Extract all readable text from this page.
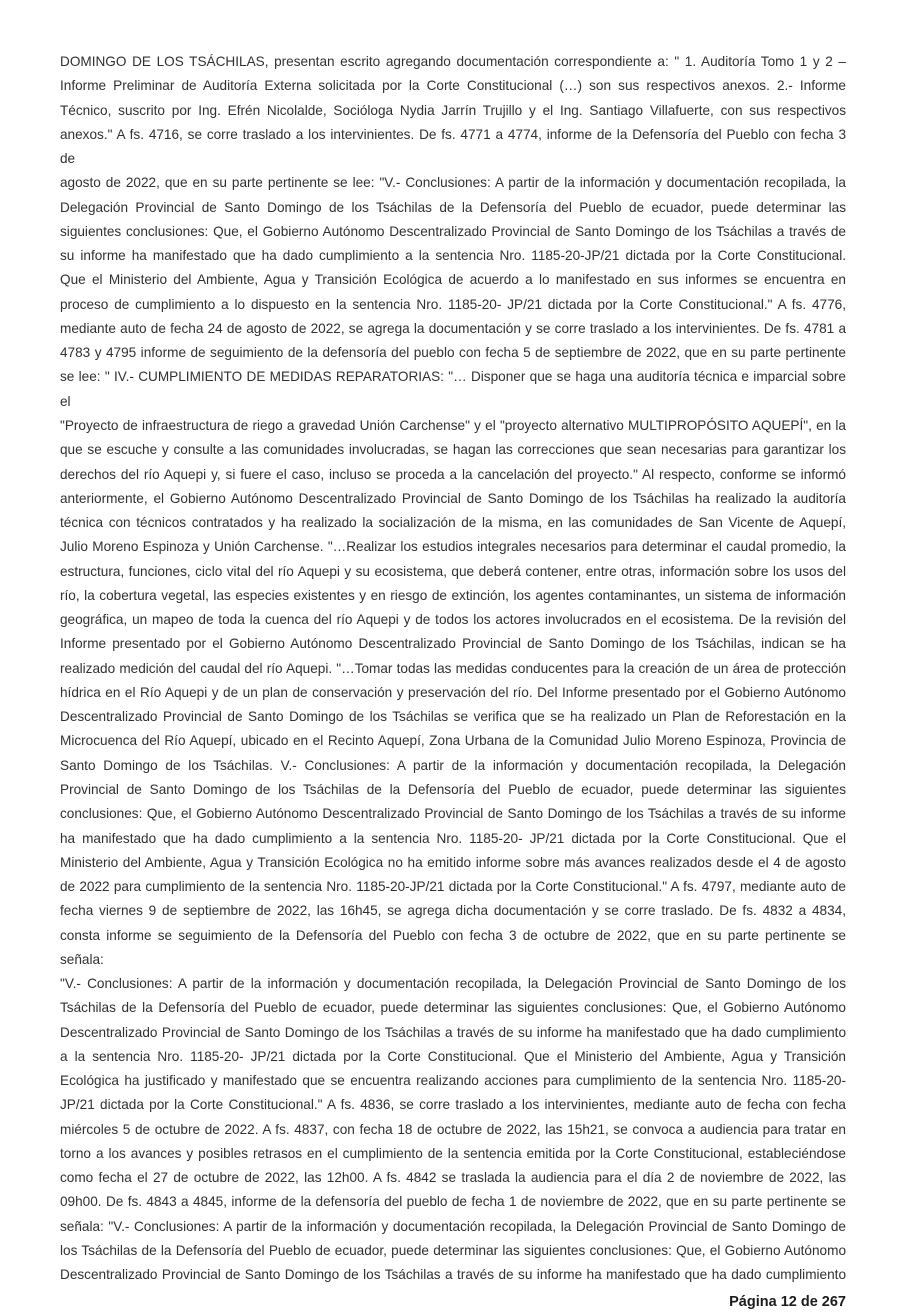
DOMINGO DE LOS TSÁCHILAS, presentan escrito agregando documentación correspondiente a: " 1. Auditoría Tomo 1 y 2 –
Informe Preliminar de Auditoría Externa solicitada por la Corte Constitucional (…) son sus respectivos anexos. 2.- Informe
Técnico, suscrito por Ing. Efrén Nicolalde, Socióloga Nydia Jarrín Trujillo y el Ing. Santiago Villafuerte, con sus respectivos
anexos." A fs. 4716, se corre traslado a los intervinientes. De fs. 4771 a 4774, informe de la Defensoría del Pueblo con fecha 3 de
agosto de 2022, que en su parte pertinente se lee: "V.- Conclusiones: A partir de la información y documentación recopilada, la
Delegación Provincial de Santo Domingo de los Tsáchilas de la Defensoría del Pueblo de ecuador, puede determinar las
siguientes conclusiones: Que, el Gobierno Autónomo Descentralizado Provincial de Santo Domingo de los Tsáchilas a través de
su informe ha manifestado que ha dado cumplimiento a la sentencia Nro. 1185-20-JP/21 dictada por la Corte Constitucional.
Que el Ministerio del Ambiente, Agua y Transición Ecológica de acuerdo a lo manifestado en sus informes se encuentra en
proceso de cumplimiento a lo dispuesto en la sentencia Nro. 1185-20- JP/21 dictada por la Corte Constitucional." A fs. 4776,
mediante auto de fecha 24 de agosto de 2022, se agrega la documentación y se corre traslado a los intervinientes. De fs. 4781 a
4783 y 4795 informe de seguimiento de la defensoría del pueblo con fecha 5 de septiembre de 2022, que en su parte pertinente
se lee: " IV.- CUMPLIMIENTO DE MEDIDAS REPARATORIAS: "… Disponer que se haga una auditoría técnica e imparcial sobre el
"Proyecto de infraestructura de riego a gravedad Unión Carchense" y el "proyecto alternativo MULTIPROPÓSITO AQUEPÍ", en la
que se escuche y consulte a las comunidades involucradas, se hagan las correcciones que sean necesarias para garantizar los
derechos del río Aquepi y, si fuere el caso, incluso se proceda a la cancelación del proyecto." Al respecto, conforme se informó
anteriormente, el Gobierno Autónomo Descentralizado Provincial de Santo Domingo de los Tsáchilas ha realizado la auditoría
técnica con técnicos contratados y ha realizado la socialización de la misma, en las comunidades de San Vicente de Aquepí,
Julio Moreno Espinoza y Unión Carchense. "…Realizar los estudios integrales necesarios para determinar el caudal promedio, la
estructura, funciones, ciclo vital del río Aquepi y su ecosistema, que deberá contener, entre otras, información sobre los usos del
río, la cobertura vegetal, las especies existentes y en riesgo de extinción, los agentes contaminantes, un sistema de información
geográfica, un mapeo de toda la cuenca del río Aquepi y de todos los actores involucrados en el ecosistema. De la revisión del
Informe presentado por el Gobierno Autónomo Descentralizado Provincial de Santo Domingo de los Tsáchilas, indican se ha
realizado medición del caudal del río Aquepi. "…Tomar todas las medidas conducentes para la creación de un área de protección
hídrica en el Río Aquepi y de un plan de conservación y preservación del río. Del Informe presentado por el Gobierno Autónomo
Descentralizado Provincial de Santo Domingo de los Tsáchilas se verifica que se ha realizado un Plan de Reforestación en la
Microcuenca del Río Aquepí, ubicado en el Recinto Aquepí, Zona Urbana de la Comunidad Julio Moreno Espinoza, Provincia de
Santo Domingo de los Tsáchilas. V.- Conclusiones: A partir de la información y documentación recopilada, la Delegación
Provincial de Santo Domingo de los Tsáchilas de la Defensoría del Pueblo de ecuador, puede determinar las siguientes
conclusiones: Que, el Gobierno Autónomo Descentralizado Provincial de Santo Domingo de los Tsáchilas a través de su informe
ha manifestado que ha dado cumplimiento a la sentencia Nro. 1185-20- JP/21 dictada por la Corte Constitucional. Que el
Ministerio del Ambiente, Agua y Transición Ecológica no ha emitido informe sobre más avances realizados desde el 4 de agosto
de 2022 para cumplimiento de la sentencia Nro. 1185-20-JP/21 dictada por la Corte Constitucional." A fs. 4797, mediante auto de
fecha viernes 9 de septiembre de 2022, las 16h45, se agrega dicha documentación y se corre traslado. De fs. 4832 a 4834,
consta informe se seguimiento de la Defensoría del Pueblo con fecha 3 de octubre de 2022, que en su parte pertinente se señala:
"V.- Conclusiones: A partir de la información y documentación recopilada, la Delegación Provincial de Santo Domingo de los
Tsáchilas de la Defensoría del Pueblo de ecuador, puede determinar las siguientes conclusiones: Que, el Gobierno Autónomo
Descentralizado Provincial de Santo Domingo de los Tsáchilas a través de su informe ha manifestado que ha dado cumplimiento
a la sentencia Nro. 1185-20- JP/21 dictada por la Corte Constitucional. Que el Ministerio del Ambiente, Agua y Transición
Ecológica ha justificado y manifestado que se encuentra realizando acciones para cumplimiento de la sentencia Nro. 1185-20-
JP/21 dictada por la Corte Constitucional." A fs. 4836, se corre traslado a los intervinientes, mediante auto de fecha con fecha
miércoles 5 de octubre de 2022. A fs. 4837, con fecha 18 de octubre de 2022, las 15h21, se convoca a audiencia para tratar en
torno a los avances y posibles retrasos en el cumplimiento de la sentencia emitida por la Corte Constitucional, estableciéndose
como fecha el 27 de octubre de 2022, las 12h00. A fs. 4842 se traslada la audiencia para el día 2 de noviembre de 2022, las
09h00. De fs. 4843 a 4845, informe de la defensoría del pueblo de fecha 1 de noviembre de 2022, que en su parte pertinente se
señala: "V.- Conclusiones: A partir de la información y documentación recopilada, la Delegación Provincial de Santo Domingo de
los Tsáchilas de la Defensoría del Pueblo de ecuador, puede determinar las siguientes conclusiones: Que, el Gobierno Autónomo
Descentralizado Provincial de Santo Domingo de los Tsáchilas a través de su informe ha manifestado que ha dado cumplimiento
Página 12 de 267
